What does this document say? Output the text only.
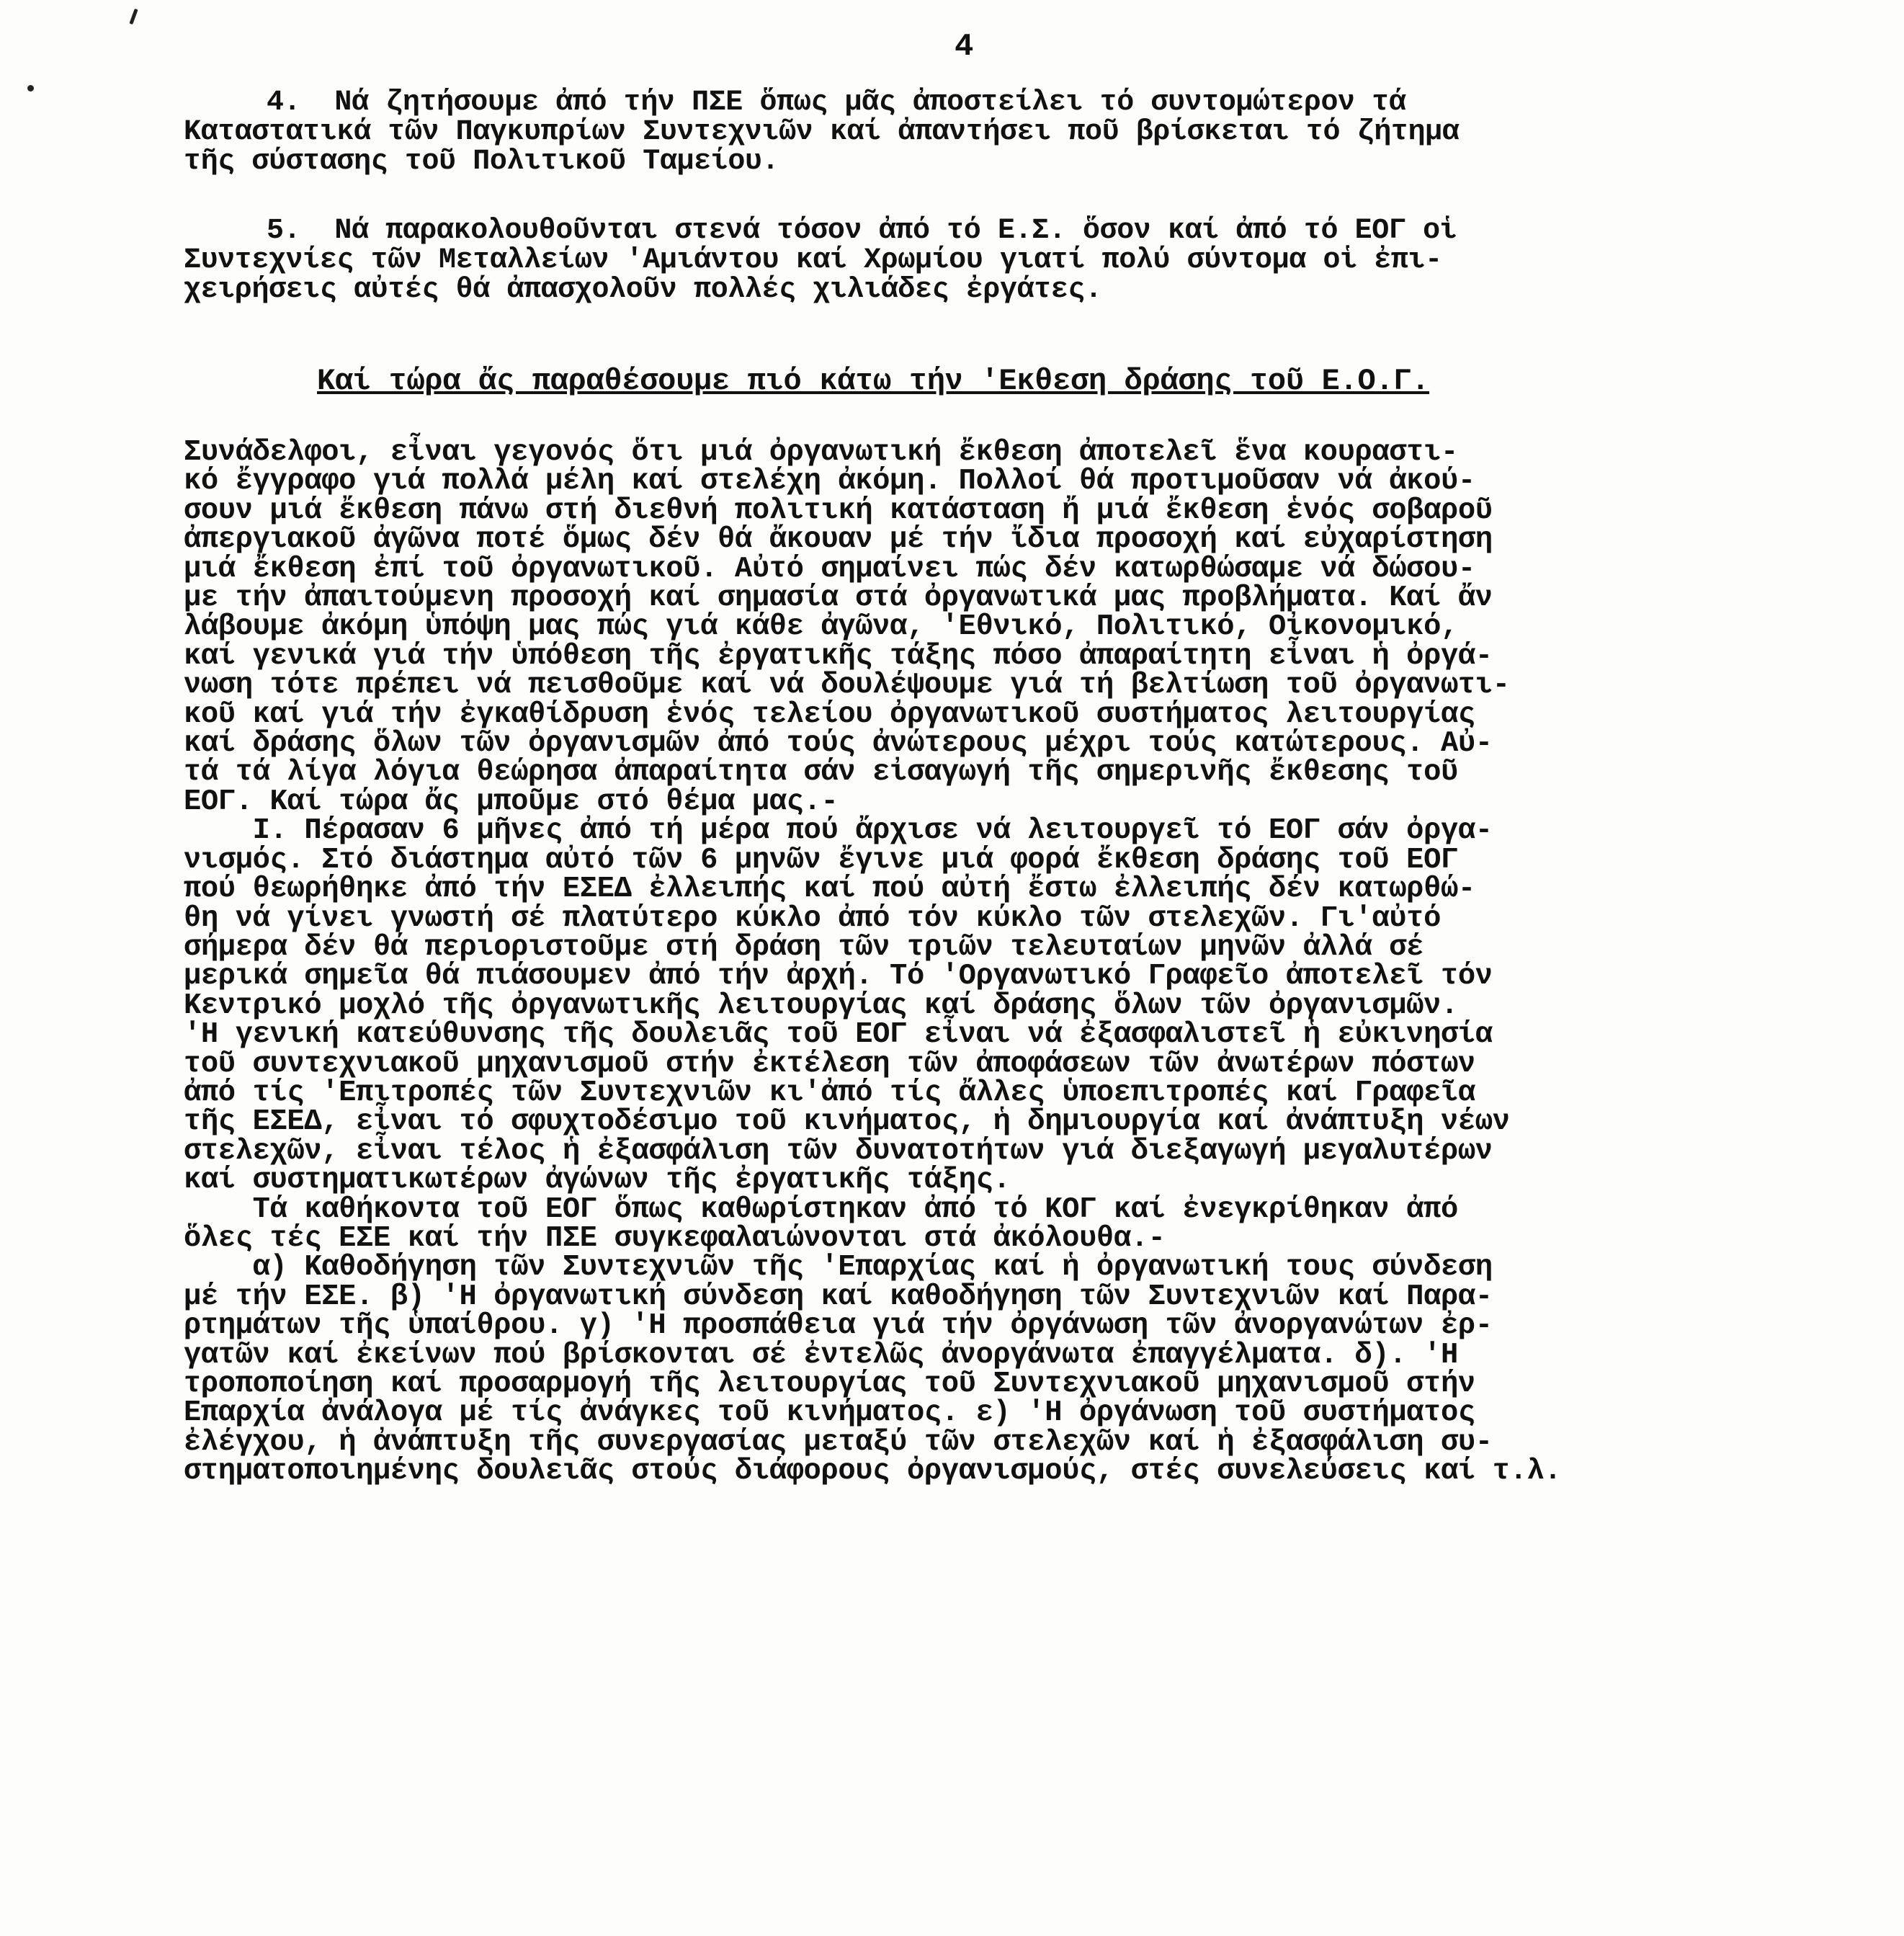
4
4.  Νά ζητήσουμε ἀπό τήν ΠΣΕ ὅπως μᾶς ἀποστείλει τό συντομώτερον τά
Καταστατικά τῶν Παγκυπρίων Συντεχνιῶν καί ἀπαντήσει ποῦ βρίσκεται τό ζήτημα
τῆς σύστασης τοῦ Πολιτικοῦ Ταμείου.
5.  Νά παρακολουθοῦνται στενά τόσον ἀπό τό Ε.Σ. ὅσον καί ἀπό τό ΕΟΓ οἱ
Συντεχνίες τῶν Μεταλλείων 'Αμιάντου καί Χρωμίου γιατί πολύ σύντομα οἱ ἐπι-
χειρήσεις αὐτές θά ἀπασχολοῦν πολλές χιλιάδες ἐργάτες.
Καί τώρα ἄς παραθέσουμε πιό κάτω τήν 'Εκθεση δράσης τοῦ Ε.Ο.Γ.
Συνάδελφοι, εἶναι γεγονός ὅτι μιά ὀργανωτική ἔκθεση ἀποτελεῖ ἕνα κουραστι-
κό ἔγγραφο γιά πολλά μέλη καί στελέχη ἀκόμη. Πολλοί θά προτιμοῦσαν νά ἀκού-
σουν μιά ἔκθεση πάνω στή διεθνή πολιτική κατάσταση ἤ μιά ἔκθεση ἑνός σοβαροῦ
ἀπεργιακοῦ ἀγῶνα ποτέ ὅμως δέν θά ἄκουαν μέ τήν ἴδια προσοχή καί εὐχαρίστηση
μιά ἔκθεση ἐπί τοῦ ὀργανωτικοῦ. Αὐτό σημαίνει πώς δέν κατωρθώσαμε νά δώσου-
με τήν ἀπαιτούμενη προσοχή καί σημασία στά ὀργανωτικά μας προβλήματα. Καί ἄν
λάβουμε ἀκόμη ὑπόψη μας πώς γιά κάθε ἀγῶνα, 'Εθνικό, Πολιτικό, Οἰκονομικό,
καί γενικά γιά τήν ὑπόθεση τῆς ἐργατικῆς τάξης πόσο ἀπαραίτητη εἶναι ἡ ὀργά-
νωση τότε πρέπει νά πεισθοῦμε καί νά δουλέψουμε γιά τή βελτίωση τοῦ ὀργανωτι-
κοῦ καί γιά τήν ἐγκαθίδρυση ἑνός τελείου ὀργανωτικοῦ συστήματος λειτουργίας
καί δράσης ὅλων τῶν ὀργανισμῶν ἀπό τούς ἀνώτερους μέχρι τούς κατώτερους. Αὐ-
τά τά λίγα λόγια θεώρησα ἀπαραίτητα σάν εἰσαγωγή τῆς σημερινῆς ἔκθεσης τοῦ
ΕΟΓ. Καί τώρα ἄς μποῦμε στό θέμα μας.-
Ι. Πέρασαν 6 μῆνες ἀπό τή μέρα πού ἄρχισε νά λειτουργεῖ τό ΕΟΓ σάν ὀργα-
νισμός. Στό διάστημα αὐτό τῶν 6 μηνῶν ἔγινε μιά φορά ἔκθεση δράσης τοῦ ΕΟΓ
πού θεωρήθηκε ἀπό τήν ΕΣΕΔ ἐλλειπής καί πού αὐτή ἔστω ἐλλειπής δέν κατωρθώ-
θη νά γίνει γνωστή σέ πλατύτερο κύκλο ἀπό τόν κύκλο τῶν στελεχῶν. Γι'αὐτό
σήμερα δέν θά περιοριστοῦμε στή δράση τῶν τριῶν τελευταίων μηνῶν ἀλλά σέ
μερικά σημεῖα θά πιάσουμεν ἀπό τήν ἀρχή. Τό 'Οργανωτικό Γραφεῖο ἀποτελεῖ τόν
Κεντρικό μοχλό τῆς ὀργανωτικῆς λειτουργίας καί δράσης ὅλων τῶν ὀργανισμῶν.
'Η γενική κατεύθυνσης τῆς δουλειᾶς τοῦ ΕΟΓ εἶναι νά ἐξασφαλιστεῖ ἡ εὐκινησία
τοῦ συντεχνιακοῦ μηχανισμοῦ στήν ἐκτέλεση τῶν ἀποφάσεων τῶν ἀνωτέρων πόστων
ἀπό τίς 'Επιτροπές τῶν Συντεχνιῶν κι'ἀπό τίς ἄλλες ὑποεπιτροπές καί Γραφεῖα
τῆς ΕΣΕΔ, εἶναι τό σφυχτοδέσιμο τοῦ κινήματος, ἡ δημιουργία καί ἀνάπτυξη νέων
στελεχῶν, εἶναι τέλος ἡ ἐξασφάλιση τῶν δυνατοτήτων γιά διεξαγωγή μεγαλυτέρων
καί συστηματικωτέρων ἀγώνων τῆς ἐργατικῆς τάξης.
Τά καθήκοντα τοῦ ΕΟΓ ὅπως καθωρίστηκαν ἀπό τό ΚΟΓ καί ἐνεγκρίθηκαν ἀπό
ὅλες τές ΕΣΕ καί τήν ΠΣΕ συγκεφαλαιώνονται στά ἀκόλουθα.-
α) Καθοδήγηση τῶν Συντεχνιῶν τῆς 'Επαρχίας καί ἡ ὀργανωτική τους σύνδεση
μέ τήν ΕΣΕ. β) 'Η ὀργανωτική σύνδεση καί καθοδήγηση τῶν Συντεχνιῶν καί Παρα-
ρτημάτων τῆς ὑπαίθρου. γ) 'Η προσπάθεια γιά τήν ὀργάνωση τῶν ἀνοργανώτων ἐρ-
γατῶν καί ἐκείνων πού βρίσκονται σέ ἐντελῶς ἀνοργάνωτα ἐπαγγέλματα. δ). 'Η
τροποποίηση καί προσαρμογή τῆς λειτουργίας τοῦ Συντεχνιακοῦ μηχανισμοῦ στήν
Επαρχία ἀνάλογα μέ τίς ἀνάγκες τοῦ κινήματος. ε) 'Η ὀργάνωση τοῦ συστήματος
ἐλέγχου, ἡ ἀνάπτυξη τῆς συνεργασίας μεταξύ τῶν στελεχῶν καί ἡ ἐξασφάλιση συ-
στηματοποιημένης δουλειᾶς στούς διάφορους ὀργανισμούς, στές συνελεύσεις καί τ.λ.
